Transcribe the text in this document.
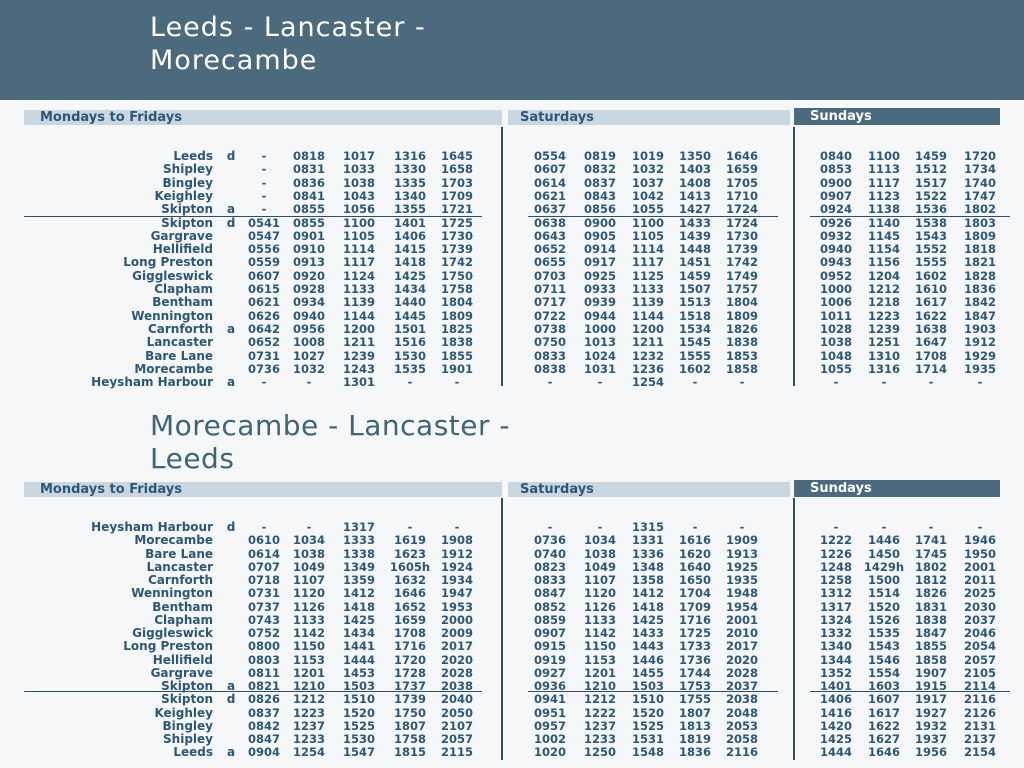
Leeds - Lancaster -
Morecambe
Mondays to Fridays	Saturdays	Sundays
Leeds d	-	0818	1017	1316	1645	0554	0819	1019	1350	1646	0840	1100	1459	1720
Shipley	-	0831	1033	1330	1658	0607	0832	1032	1403	1659	0853	1113	1512	1734
Bingley	-	0836	1038	1335	1703	0614	0837	1037	1408	1705	0900	1117	1517	1740
Keighley	-	0841	1043	1340	1709	0621	0843	1042	1413	1710	0907	1123	1522	1747
Skipton a	-	0855	1056	1355	1721	0637	0856	1055	1427	1724	0924	1138	1536	1802
Skipton d	0541	0855	1100	1401	1725	0638	0900	1100	1433	1724	0926	1140	1538	1803
Gargrave	0547	0901	1105	1406	1730	0643	0905	1105	1439	1730	0932	1145	1543	1809
Hellifield	0556	0910	1114	1415	1739	0652	0914	1114	1448	1739	0940	1154	1552	1818
Long Preston	0559	0913	1117	1418	1742	0655	0917	1117	1451	1742	0943	1156	1555	1821
Giggleswick	0607	0920	1124	1425	1750	0703	0925	1125	1459	1749	0952	1204	1602	1828
Clapham	0615	0928	1133	1434	1758	0711	0933	1133	1507	1757	1000	1212	1610	1836
Bentham	0621	0934	1139	1440	1804	0717	0939	1139	1513	1804	1006	1218	1617	1842
Wennington	0626	0940	1144	1445	1809	0722	0944	1144	1518	1809	1011	1223	1622	1847
Carnforth a	0642	0956	1200	1501	1825	0738	1000	1200	1534	1826	1028	1239	1638	1903
Lancaster	0652	1008	1211	1516	1838	0750	1013	1211	1545	1838	1038	1251	1647	1912
Bare Lane	0731	1027	1239	1530	1855	0833	1024	1232	1555	1853	1048	1310	1708	1929
Morecambe	0736	1032	1243	1535	1901	0838	1031	1236	1602	1858	1055	1316	1714	1935
Heysham Harbour a	-	-	1301	-	-	-	-	1254	-	-	-	-	-	-
Morecambe - Lancaster -
Leeds
Mondays to Fridays	Saturdays	Sundays
Heysham Harbour d	-	-	1317	-	-	-	-	1315	-	-	-	-	-	-
Morecambe	0610	1034	1333	1619	1908	0736	1034	1331	1616	1909	1222	1446	1741	1946
Bare Lane	0614	1038	1338	1623	1912	0740	1038	1336	1620	1913	1226	1450	1745	1950
Lancaster	0707	1049	1349	1605h 1924	0823	1049	1348	1640	1925	1248	1429h 1802	2001
Carnforth	0718	1107	1359	1632	1934	0833	1107	1358	1650	1935	1258	1500	1812	2011
Wennington	0731	1120	1412	1646	1947	0847	1120	1412	1704	1948	1312	1514	1826	2025
Bentham	0737	1126	1418	1652	1953	0852	1126	1418	1709	1954	1317	1520	1831	2030
Clapham	0743	1133	1425	1659	2000	0859	1133	1425	1716	2001	1324	1526	1838	2037
Giggleswick	0752	1142	1434	1708	2009	0907	1142	1433	1725	2010	1332	1535	1847	2046
Long Preston	0800	1150	1441	1716	2017	0915	1150	1443	1733	2017	1340	1543	1855	2054
Hellifield	0803	1153	1444	1720	2020	0919	1153	1446	1736	2020	1344	1546	1858	2057
Gargrave	0811	1201	1453	1728	2028	0927	1201	1455	1744	2028	1352	1554	1907	2105
Skipton a	0821	1210	1503	1737	2038	0936	1210	1503	1753	2037	1401	1603	1915	2114
Skipton d	0826	1212	1510	1739	2040	0941	1212	1510	1755	2038	1406	1607	1917	2116
Keighley	0837	1223	1520	1750	2050	0951	1222	1520	1807	2048	1416	1617	1927	2126
Bingley	0842	1237	1525	1807	2107	0957	1237	1525	1813	2053	1420	1622	1932	2131
Shipley	0847	1233	1530	1758	2057	1002	1233	1531	1819	2058	1425	1627	1937	2137
Leeds a	0904	1254	1547	1815	2115	1020	1250	1548	1836	2116	1444	1646	1956	2154
